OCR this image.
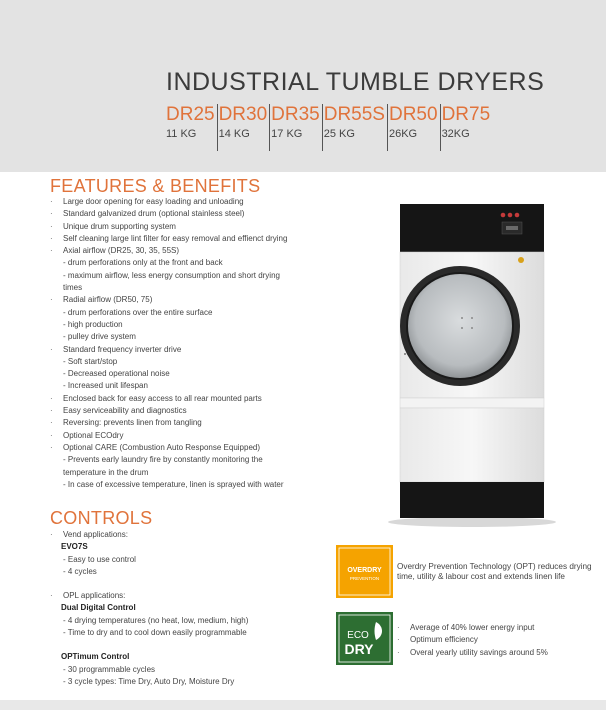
INDUSTRIAL TUMBLE DRYERS
DR25
11 KG
DR30
14 KG
DR35
17 KG
DR55S
25 KG
DR50
26KG
DR75
32KG
FEATURES & BENEFITS
· Large door opening for easy loading and unloading
· Standard galvanized drum (optional stainless steel)
· Unique drum supporting system
· Self cleaning large lint filter for easy removal and effienct drying
· Axial airflow (DR25, 30, 35, 55S)
- drum perforations only at the front and back
- maximum airflow, less energy consumption and short drying
times
· Radial airflow (DR50, 75)
- drum perforations over the entire surface
- high production
- pulley drive system
· Standard frequency inverter drive
- Soft start/stop
- Decreased operational noise
- Increased unit lifespan
· Enclosed back for easy access to all rear mounted parts
· Easy serviceability and diagnostics
· Reversing: prevents linen from tangling
· Optional ECOdry
· Optional CARE (Combustion Auto Response Equipped)
- Prevents early laundry fire by constantly monitoring the
temperature in the drum
- In case of excessive temperature, linen is sprayed with water
CONTROLS
· Vend applications:
EVO7S
- Easy to use control
- 4 cycles
· OPL applications:
Dual Digital Control
- 4 drying temperatures (no heat, low, medium, high)
- Time to dry and to cool down easily programmable
OPTimum Control
- 30 programmable cycles
- 3 cycle types: Time Dry, Auto Dry, Moisture Dry
OVERDRY
PREVENTION
Overdry Prevention Technology (OPT) reduces drying time, utility & labour cost and extends linen life
ECO
DRY
· Average of 40% lower energy input
· Optimum efficiency
· Overal yearly utility savings around 5%
